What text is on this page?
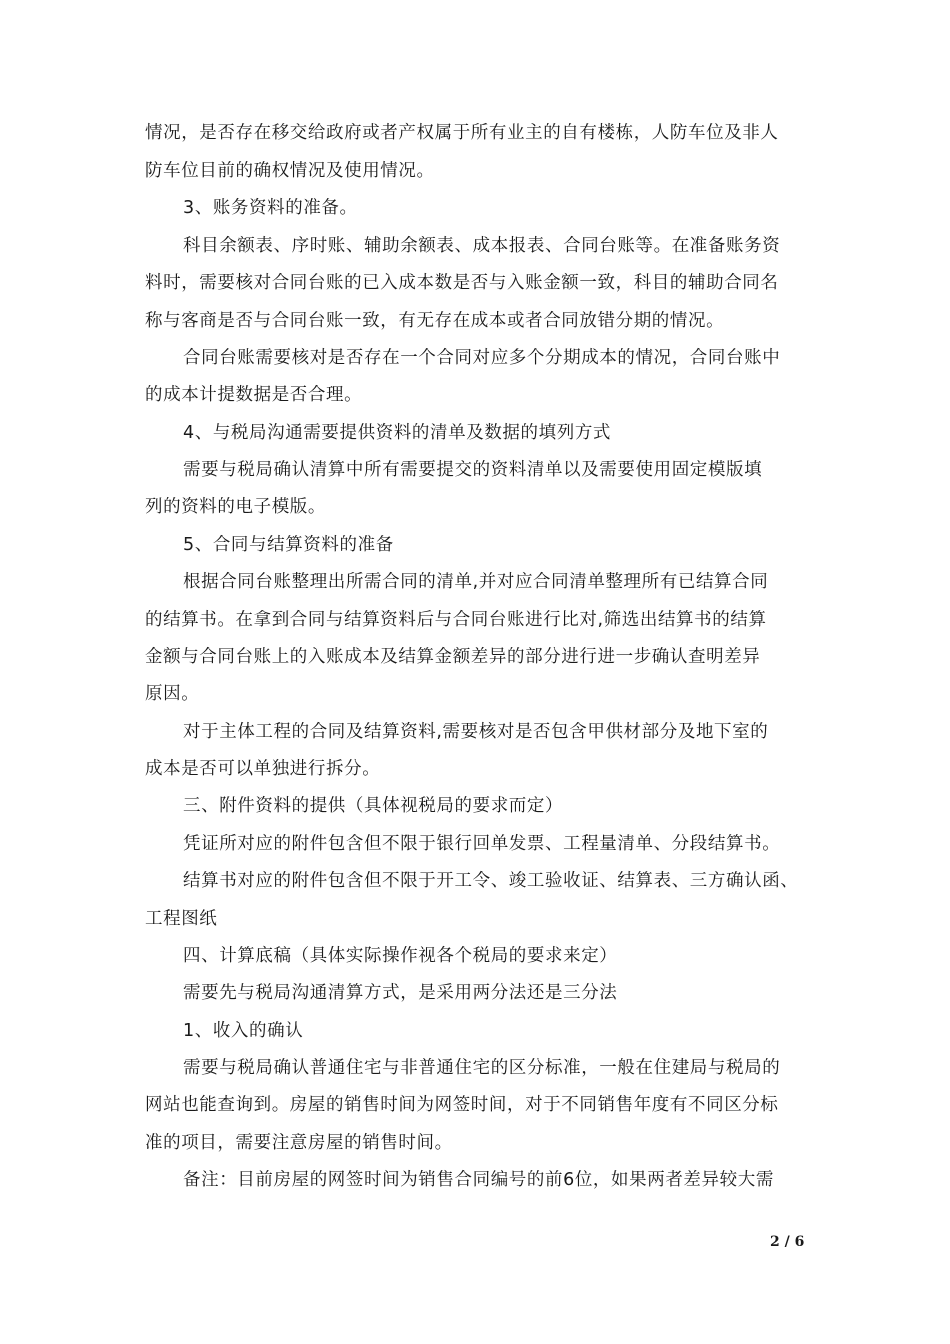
情况，是否存在移交给政府或者产权属于所有业主的自有楼栋，人防车位及非人
防车位目前的确权情况及使用情况。
3、账务资料的准备。
科目余额表、序时账、辅助余额表、成本报表、合同台账等。在准备账务资
料时，需要核对合同台账的已入成本数是否与入账金额一致，科目的辅助合同名
称与客商是否与合同台账一致，有无存在成本或者合同放错分期的情况。
合同台账需要核对是否存在一个合同对应多个分期成本的情况，合同台账中
的成本计提数据是否合理。
4、与税局沟通需要提供资料的清单及数据的填列方式
需要与税局确认清算中所有需要提交的资料清单以及需要使用固定模版填
列的资料的电子模版。
5、合同与结算资料的准备
根据合同台账整理出所需合同的清单,并对应合同清单整理所有已结算合同
的结算书。在拿到合同与结算资料后与合同台账进行比对,筛选出结算书的结算
金额与合同台账上的入账成本及结算金额差异的部分进行进一步确认查明差异
原因。
对于主体工程的合同及结算资料,需要核对是否包含甲供材部分及地下室的
成本是否可以单独进行拆分。
三、附件资料的提供（具体视税局的要求而定）
凭证所对应的附件包含但不限于银行回单发票、工程量清单、分段结算书。
结算书对应的附件包含但不限于开工令、竣工验收证、结算表、三方确认函、
工程图纸
四、计算底稿（具体实际操作视各个税局的要求来定）
需要先与税局沟通清算方式，是采用两分法还是三分法
1、收入的确认
需要与税局确认普通住宅与非普通住宅的区分标准，一般在住建局与税局的
网站也能查询到。房屋的销售时间为网签时间，对于不同销售年度有不同区分标
准的项目，需要注意房屋的销售时间。
备注：目前房屋的网签时间为销售合同编号的前6位，如果两者差异较大需
2 / 6
